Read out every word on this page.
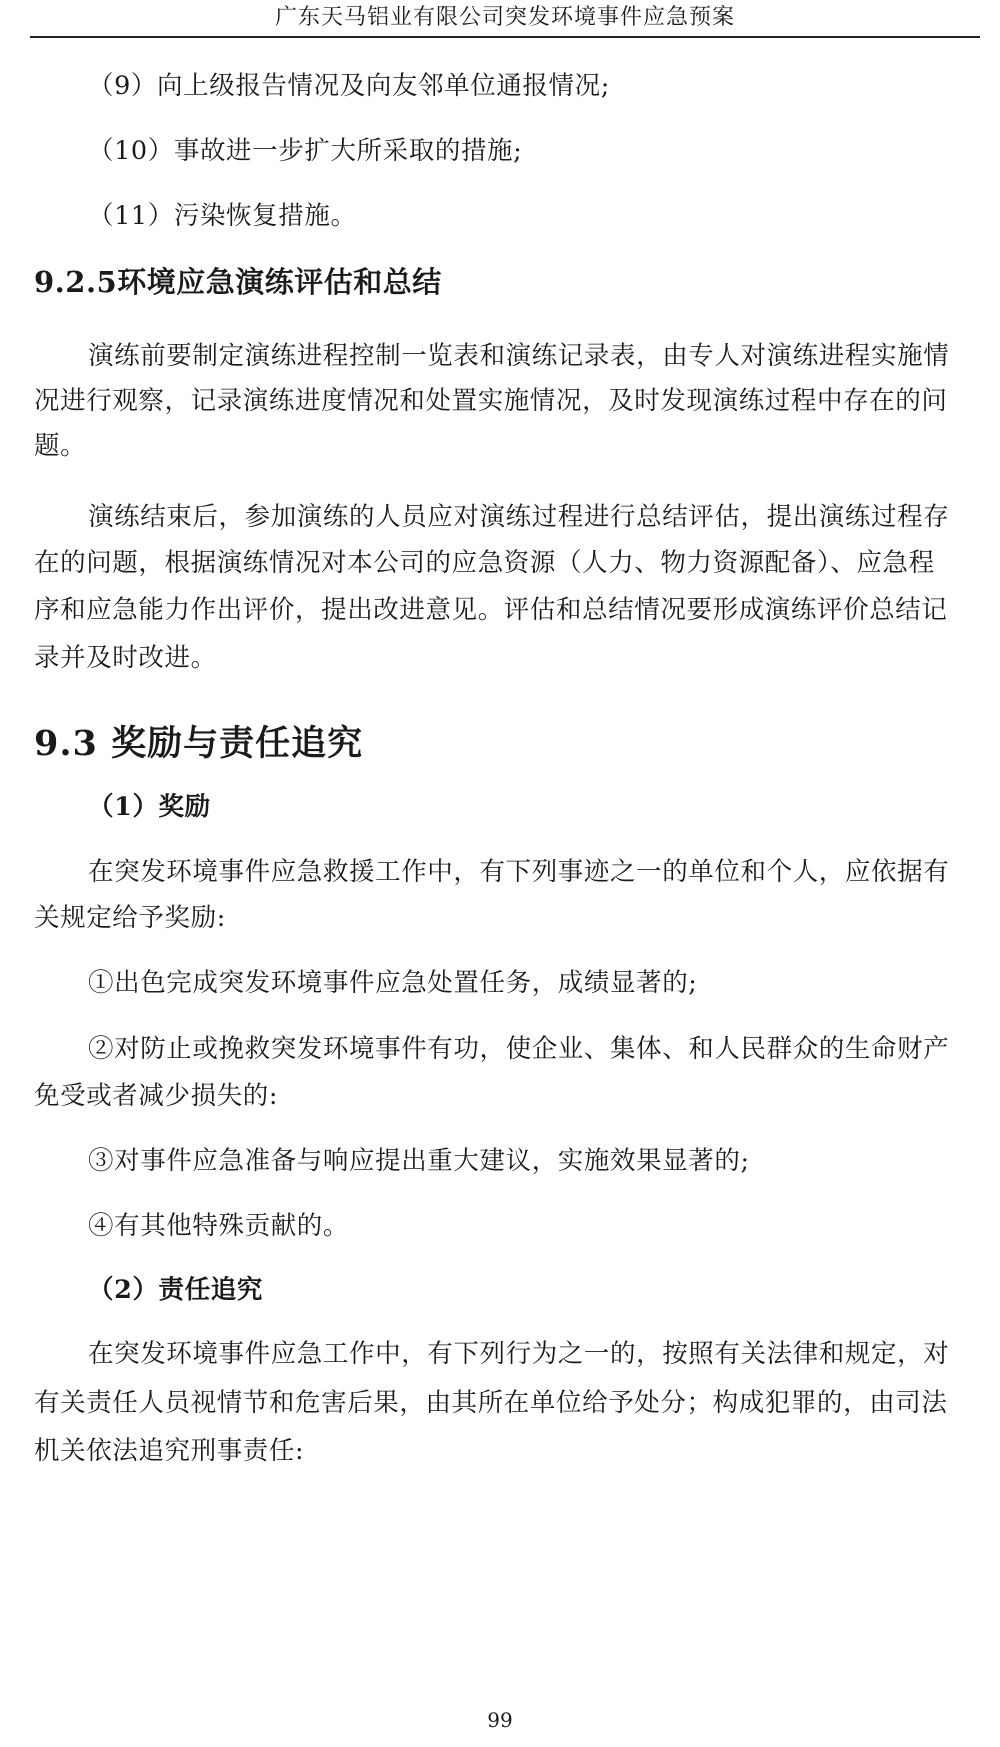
广东天马铝业有限公司突发环境事件应急预案
（9）向上级报告情况及向友邻单位通报情况;
（10）事故进一步扩大所采取的措施;
（11）污染恢复措施。
9.2.5环境应急演练评估和总结
演练前要制定演练进程控制一览表和演练记录表，由专人对演练进程实施情
况进行观察，记录演练进度情况和处置实施情况，及时发现演练过程中存在的问
题。
演练结束后，参加演练的人员应对演练过程进行总结评估，提出演练过程存
在的问题，根据演练情况对本公司的应急资源（人力、物力资源配备）、应急程
序和应急能力作出评价，提出改进意见。评估和总结情况要形成演练评价总结记
录并及时改进。
9.3 奖励与责任追究
（1）奖励
在突发环境事件应急救援工作中，有下列事迹之一的单位和个人，应依据有
关规定给予奖励:
①出色完成突发环境事件应急处置任务，成绩显著的;
②对防止或挽救突发环境事件有功，使企业、集体、和人民群众的生命财产
免受或者减少损失的:
③对事件应急准备与响应提出重大建议，实施效果显著的;
④有其他特殊贡献的。
（2）责任追究
在突发环境事件应急工作中，有下列行为之一的，按照有关法律和规定，对
有关责任人员视情节和危害后果，由其所在单位给予处分；构成犯罪的，由司法
机关依法追究刑事责任:
99
